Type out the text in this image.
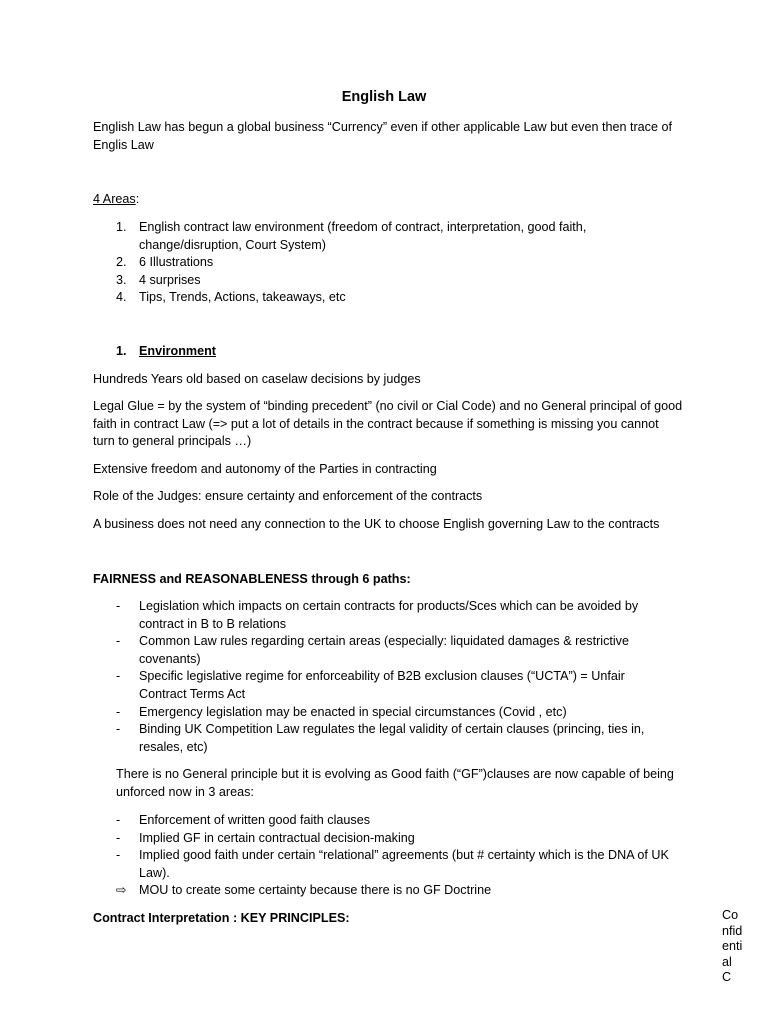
English Law

English Law has begun a global business “Currency” even if other applicable Law but even then trace of Englis Law

4 Areas:

1. English contract law environment (freedom of contract, interpretation, good faith, change/disruption, Court System)
2. 6 Illustrations
3. 4 surprises
4. Tips, Trends, Actions, takeaways, etc
1. Environment

Hundreds Years old based on caselaw decisions by judges

Legal Glue = by the system of “binding precedent” (no civil or Cial Code) and no General principal of good faith in contract Law (=> put a lot of details in the contract because if something is missing you cannot turn to general principals …)

Extensive freedom and autonomy of the Parties in contracting

Role of the Judges: ensure certainty and enforcement of the contracts

A business does not need any connection to the UK to choose English governing Law to the contracts

FAIRNESS and REASONABLENESS through 6 paths:

- Legislation which impacts on certain contracts for products/Sces which can be avoided by contract in B to B relations
- Common Law rules regarding certain areas (especially: liquidated damages & restrictive covenants)
- Specific legislative regime for enforceability of B2B exclusion clauses (“UCTA”) = Unfair Contract Terms Act
- Emergency legislation may be enacted in special circumstances (Covid , etc)
- Binding UK Competition Law regulates the legal validity of certain clauses (princing, ties in, resales, etc)

There is no General principle but it is evolving as Good faith (“GF”)clauses are now capable of being unforced now in 3 areas:

- Enforcement of written good faith clauses
- Implied GF in certain contractual decision-making
- Implied good faith under certain “relational” agreements (but # certainty which is the DNA of UK Law).
⇨ MOU to create some certainty because there is no GF Doctrine

Contract Interpretation : KEY PRINCIPLES:	Confidential C
